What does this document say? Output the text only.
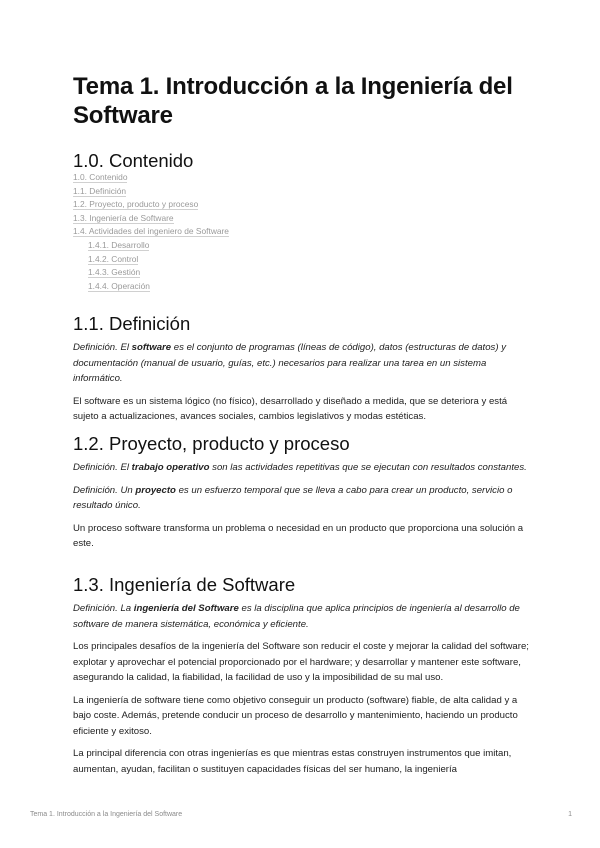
Tema 1. Introducción a la Ingeniería del Software
1.0. Contenido
1.0. Contenido
1.1. Definición
1.2. Proyecto, producto y proceso
1.3. Ingeniería de Software
1.4. Actividades del ingeniero de Software
1.4.1. Desarrollo
1.4.2. Control
1.4.3. Gestión
1.4.4. Operación
1.1. Definición

Definición. El software es el conjunto de programas (líneas de código), datos (estructuras de datos) y documentación (manual de usuario, guías, etc.) necesarios para realizar una tarea en un sistema informático.

El software es un sistema lógico (no físico), desarrollado y diseñado a medida, que se deteriora y está sujeto a actualizaciones, avances sociales, cambios legislativos y modas estéticas.

1.2. Proyecto, producto y proceso

Definición. El trabajo operativo son las actividades repetitivas que se ejecutan con resultados constantes.

Definición. Un proyecto es un esfuerzo temporal que se lleva a cabo para crear un producto, servicio o resultado único.

Un proceso software transforma un problema o necesidad en un producto que proporciona una solución a este.

1.3. Ingeniería de Software

Definición. La ingeniería del Software es la disciplina que aplica principios de ingeniería al desarrollo de software de manera sistemática, económica y eficiente.

Los principales desafíos de la ingeniería del Software son reducir el coste y mejorar la calidad del software; explotar y aprovechar el potencial proporcionado por el hardware; y desarrollar y mantener este software, asegurando la calidad, la fiabilidad, la facilidad de uso y la imposibilidad de su mal uso.

La ingeniería de software tiene como objetivo conseguir un producto (software) fiable, de alta calidad y a bajo coste. Además, pretende conducir un proceso de desarrollo y mantenimiento, haciendo un producto eficiente y exitoso.

La principal diferencia con otras ingenierías es que mientras estas construyen instrumentos que imitan, aumentan, ayudan, facilitan o sustituyen capacidades físicas del ser humano, la ingeniería

Tema 1. Introducción a la Ingeniería del Software	1
